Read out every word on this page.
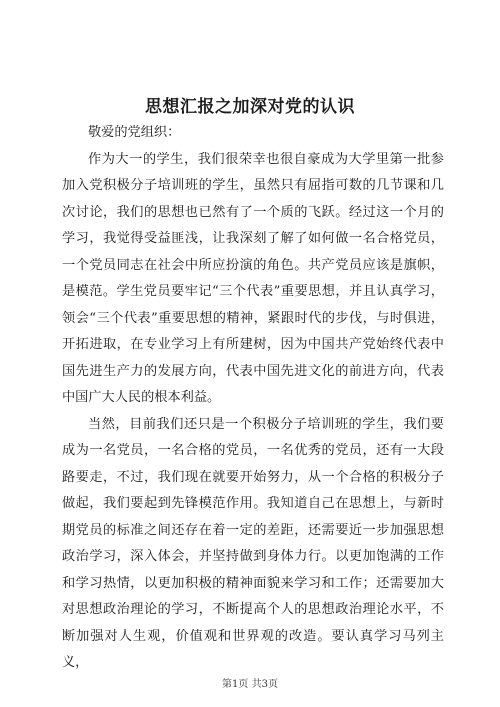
思想汇报之加深对党的认识
敬爱的党组织：

作为大一的学生，我们很荣幸也很自豪成为大学里第一批参加入党积极分子培训班的学生，虽然只有屈指可数的几节课和几次讨论，我们的思想也已然有了一个质的飞跃。经过这一个月的学习，我觉得受益匪浅，让我深刻了解了如何做一名合格党员，一个党员同志在社会中所应扮演的角色。共产党员应该是旗帜，是模范。学生党员要牢记“三个代表”重要思想，并且认真学习，领会“三个代表”重要思想的精神，紧跟时代的步伐，与时俱进，开拓进取，在专业学习上有所建树，因为中国共产党始终代表中国先进生产力的发展方向，代表中国先进文化的前进方向，代表中国广大人民的根本利益。

当然，目前我们还只是一个积极分子培训班的学生，我们要成为一名党员，一名合格的党员，一名优秀的党员，还有一大段路要走，不过，我们现在就要开始努力，从一个合格的积极分子做起，我们要起到先锋模范作用。我知道自己在思想上，与新时期党员的标准之间还存在着一定的差距，还需要近一步加强思想政治学习，深入体会，并坚持做到身体力行。以更加饱满的工作和学习热情，以更加积极的精神面貌来学习和工作；还需要加大对思想政治理论的学习，不断提高个人的思想政治理论水平，不断加强对人生观，价值观和世界观的改造。要认真学习马列主义，

第1页 共3页
